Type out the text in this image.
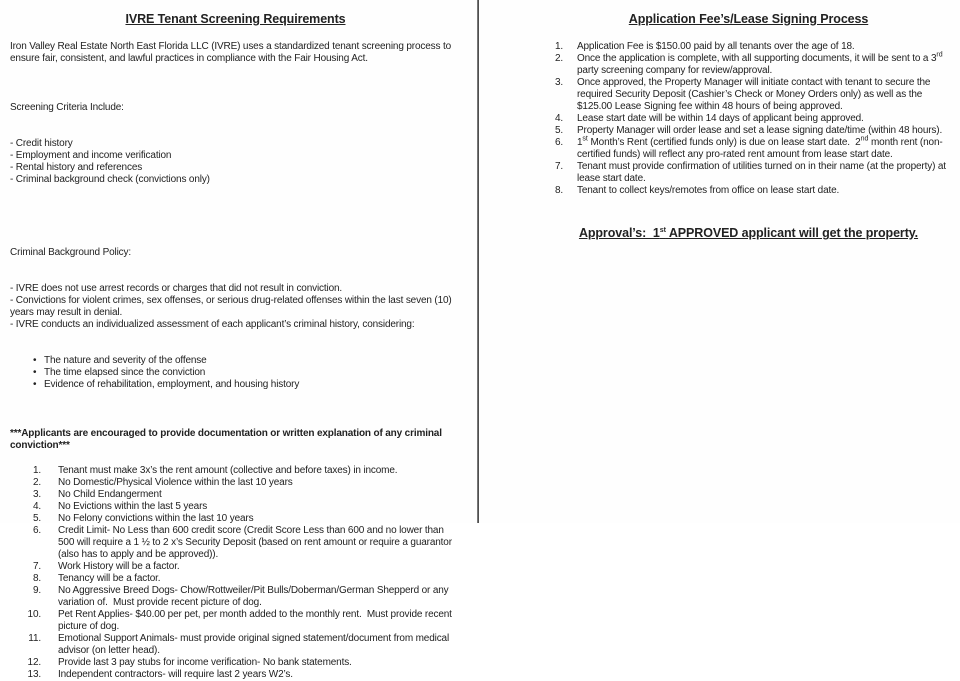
IVRE Tenant Screening Requirements
Iron Valley Real Estate North East Florida LLC (IVRE) uses a standardized tenant screening process to ensure fair, consistent, and lawful practices in compliance with the Fair Housing Act.

Screening Criteria Include:

- Credit history
- Employment and income verification
- Rental history and references
- Criminal background check (convictions only)

Criminal Background Policy:

- IVRE does not use arrest records or charges that did not result in conviction.
- Convictions for violent crimes, sex offenses, or serious drug-related offenses within the last seven (10) years may result in denial.
- IVRE conducts an individualized assessment of each applicant’s criminal history, considering:

• The nature and severity of the offense
• The time elapsed since the conviction
• Evidence of rehabilitation, employment, and housing history

***Applicants are encouraged to provide documentation or written explanation of any criminal conviction***
1.	Tenant must make 3x’s the rent amount (collective and before taxes) in income.
2.	No Domestic/Physical Violence within the last 10 years
3.	No Child Endangerment
4.	No Evictions within the last 5 years
5.	No Felony convictions within the last 10 years
6.	Credit Limit- No Less than 600 credit score (Credit Score Less than 600 and no lower than 500 will require a 1 ½ to 2 x’s Security Deposit (based on rent amount or require a guarantor (also has to apply and be approved)).
7.	Work History will be a factor.
8.	Tenancy will be a factor.
9.	No Aggressive Breed Dogs- Chow/Rottweiler/Pit Bulls/Doberman/German Shepperd or any variation of.  Must provide recent picture of dog.
10.	Pet Rent Applies- $40.00 per pet, per month added to the monthly rent.  Must provide recent picture of dog.
11.	Emotional Support Animals- must provide original signed statement/document from medical advisor (on letter head).
12.	Provide last 3 pay stubs for income verification- No bank statements.
13.	Independent contractors- will require last 2 years W2’s.
Application Fee’s/Lease Signing Process
1.	Application Fee is $150.00 paid by all tenants over the age of 18.
2.	Once the application is complete, with all supporting documents, it will be sent to a 3rd party screening company for review/approval.
3.	Once approved, the Property Manager will initiate contact with tenant to secure the required Security Deposit (Cashier’s Check or Money Orders only) as well as the $125.00 Lease Signing fee within 48 hours of being approved.
4.	Lease start date will be within 14 days of applicant being approved.
5.	Property Manager will order lease and set a lease signing date/time (within 48 hours).
6.	1st Month’s Rent (certified funds only) is due on lease start date.  2nd month rent (non-certified funds) will reflect any pro-rated rent amount from lease start date.
7.	Tenant must provide confirmation of utilities turned on in their name (at the property) at lease start date.
8.	Tenant to collect keys/remotes from office on lease start date.
Approval’s:  1st APPROVED applicant will get the property.
